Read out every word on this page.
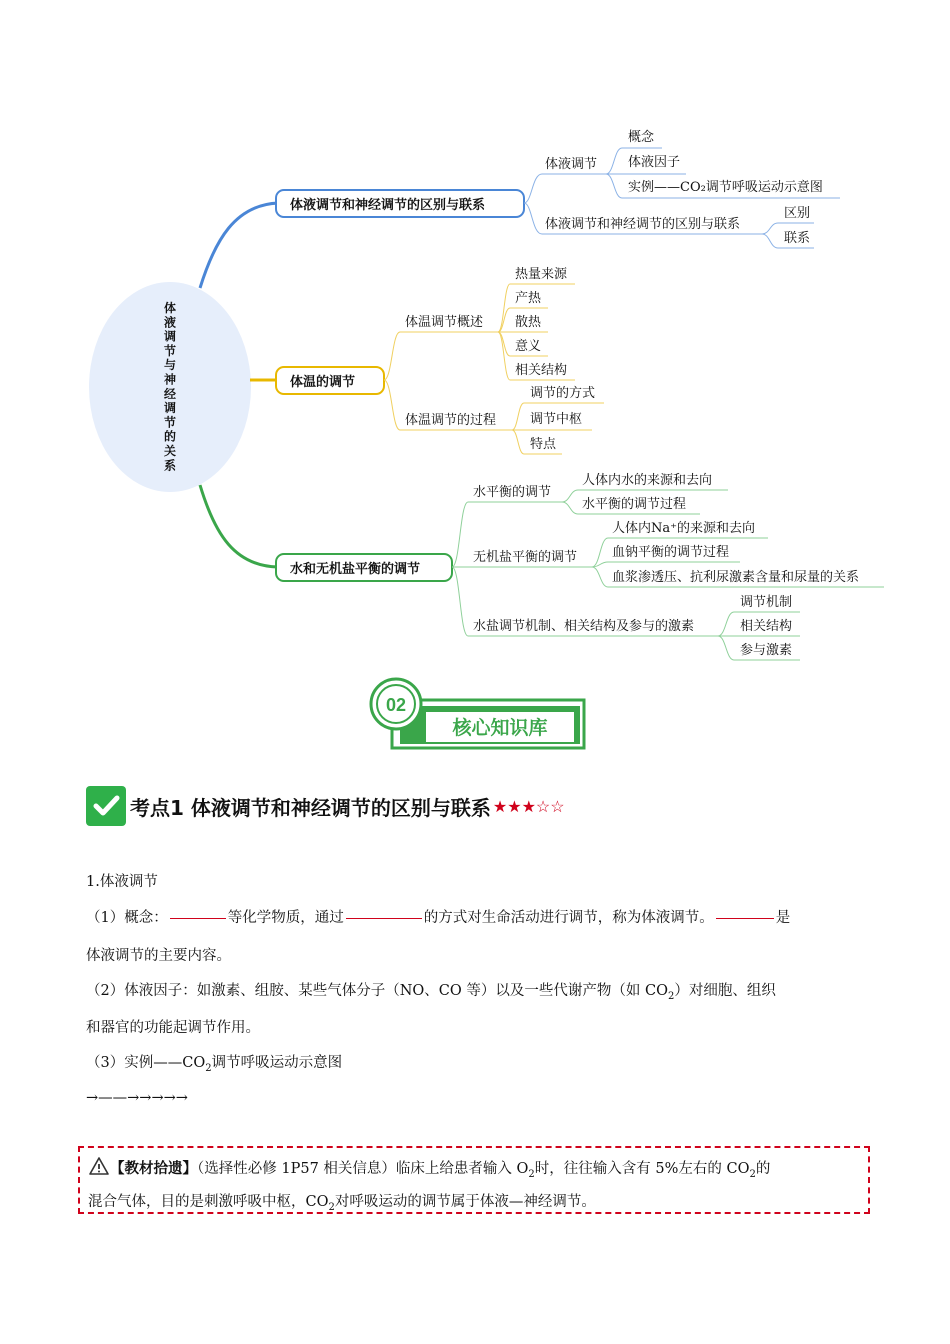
体
液
调
节
与
神
经
调
节
的
关
系
体液调节和神经调节的区别与联系
体温的调节
水和无机盐平衡的调节
体液调节
概念
体液因子
实例——CO₂调节呼吸运动示意图
体液调节和神经调节的区别与联系
区别
联系
体温调节概述
热量来源
产热
散热
意义
相关结构
体温调节的过程
调节的方式
调节中枢
特点
水平衡的调节
人体内水的来源和去向
水平衡的调节过程
无机盐平衡的调节
人体内Na⁺的来源和去向
血钠平衡的调节过程
血浆渗透压、抗利尿激素含量和尿量的关系
水盐调节机制、相关结构及参与的激素
调节机制
相关结构
参与激素
02
核心知识库
考点1 体液调节和神经调节的区别与联系 ★★★☆☆
1.体液调节
（1）概念：	等化学物质，通过	的方式对生命活动进行调节，称为体液调节。	是
体液调节的主要内容。
（2）体液因子：如激素、组胺、某些气体分子（NO、CO 等）以及一些代谢产物（如 $CO_2$）对细胞、组织
和器官的功能起调节作用。
（3）实例$——CO_2$调节呼吸运动示意图
→——→→→→→
【教材拾遗】（选择性必修 1P57 相关信息）临床上给患者输入 $O_2$时，往往输入含有 5%左右的 $CO_2$的
混合气体，目的是刺激呼吸中枢，$CO_2$对呼吸运动的调节属于体液—神经调节。
